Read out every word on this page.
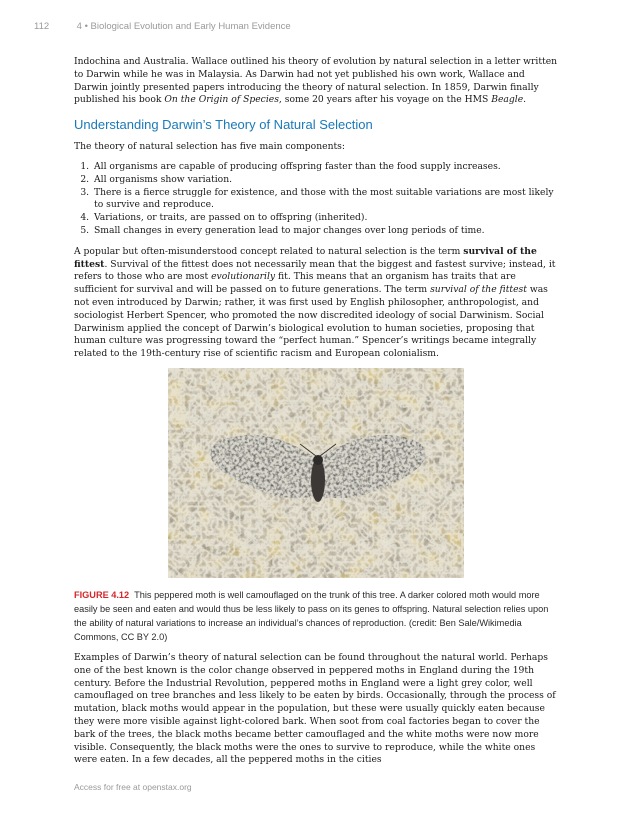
112	4 • Biological Evolution and Early Human Evidence

Indochina and Australia. Wallace outlined his theory of evolution by natural selection in a letter written to Darwin while he was in Malaysia. As Darwin had not yet published his own work, Wallace and Darwin jointly presented papers introducing the theory of natural selection. In 1859, Darwin finally published his book On the Origin of Species, some 20 years after his voyage on the HMS Beagle.

Understanding Darwin’s Theory of Natural Selection

The theory of natural selection has five main components:

1. All organisms are capable of producing offspring faster than the food supply increases.
2. All organisms show variation.
3. There is a fierce struggle for existence, and those with the most suitable variations are most likely to survive and reproduce.
4. Variations, or traits, are passed on to offspring (inherited).
5. Small changes in every generation lead to major changes over long periods of time.

A popular but often-misunderstood concept related to natural selection is the term survival of the fittest. Survival of the fittest does not necessarily mean that the biggest and fastest survive; instead, it refers to those who are most evolutionarily fit. This means that an organism has traits that are sufficient for survival and will be passed on to future generations. The term survival of the fittest was not even introduced by Darwin; rather, it was first used by English philosopher, anthropologist, and sociologist Herbert Spencer, who promoted the now discredited ideology of social Darwinism. Social Darwinism applied the concept of Darwin’s biological evolution to human societies, proposing that human culture was progressing toward the “perfect human.” Spencer’s writings became integrally related to the 19th-century rise of scientific racism and European colonialism.

FIGURE 4.12 This peppered moth is well camouflaged on the trunk of this tree. A darker colored moth would more easily be seen and eaten and would thus be less likely to pass on its genes to offspring. Natural selection relies upon the ability of natural variations to increase an individual’s chances of reproduction. (credit: Ben Sale/Wikimedia Commons, CC BY 2.0)

Examples of Darwin’s theory of natural selection can be found throughout the natural world. Perhaps one of the best known is the color change observed in peppered moths in England during the 19th century. Before the Industrial Revolution, peppered moths in England were a light grey color, well camouflaged on tree branches and less likely to be eaten by birds. Occasionally, through the process of mutation, black moths would appear in the population, but these were usually quickly eaten because they were more visible against light-colored bark. When soot from coal factories began to cover the bark of the trees, the black moths became better camouflaged and the white moths were now more visible. Consequently, the black moths were the ones to survive to reproduce, while the white ones were eaten. In a few decades, all the peppered moths in the cities

Access for free at openstax.org
